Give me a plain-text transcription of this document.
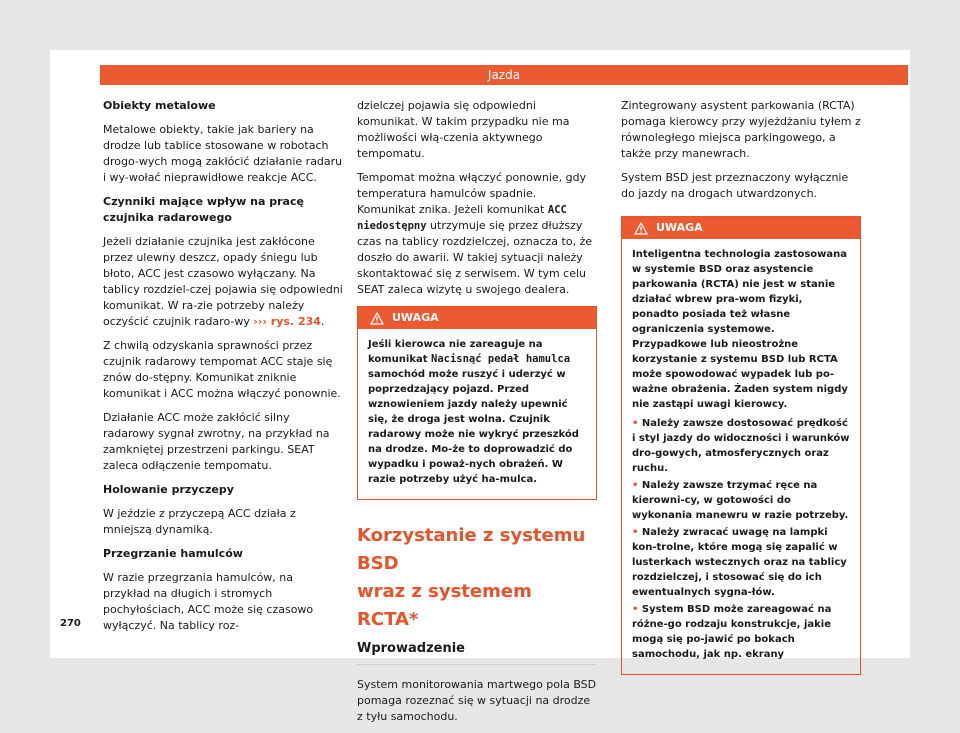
Jazda

Obiekty metalowe

Metalowe obiekty, takie jak bariery na drodze lub tablice stosowane w robotach drogo-wych mogą zakłócić działanie radaru i wy-wołać nieprawidłowe reakcje ACC.

Czynniki mające wpływ na pracę czujnika radarowego

Jeżeli działanie czujnika jest zakłócone przez ulewny deszcz, opady śniegu lub błoto, ACC jest czasowo wyłączany. Na tablicy rozdziel-czej pojawia się odpowiedni komunikat. W ra-zie potrzeby należy oczyścić czujnik radaro-wy ››› rys. 234.

Z chwilą odzyskania sprawności przez czujnik radarowy tempomat ACC staje się znów do-stępny. Komunikat zniknie komunikat i ACC można włączyć ponownie.

Działanie ACC może zakłócić silny radarowy sygnał zwrotny, na przykład na zamkniętej przestrzeni parkingu. SEAT zaleca odłączenie tempomatu.

Holowanie przyczepy

W jeździe z przyczepą ACC działa z mniejszą dynamiką.

Przegrzanie hamulców

W razie przegrzania hamulców, na przykład na długich i stromych pochyłościach, ACC może się czasowo wyłączyć. Na tablicy roz-

dzielczej pojawia się odpowiedni komunikat. W takim przypadku nie ma możliwości włą-czenia aktywnego tempomatu.

Tempomat można włączyć ponownie, gdy temperatura hamulców spadnie. Komunikat znika. Jeżeli komunikat ACC niedostępny utrzymuje się przez dłuższy czas na tablicy rozdzielczej, oznacza to, że doszło do awarii. W takiej sytuacji należy skontaktować się z serwisem. W tym celu SEAT zaleca wizytę u swojego dealera.

UWAGA

Jeśli kierowca nie zareaguje na komunikat Nacisnąć pedał hamulca samochód może ruszyć i uderzyć w poprzedzający pojazd. Przed wznowieniem jazdy należy upewnić się, że droga jest wolna. Czujnik radarowy może nie wykryć przeszkód na drodze. Mo-że to doprowadzić do wypadku i poważ-nych obrażeń. W razie potrzeby użyć ha-mulca.

Korzystanie z systemu BSD
wraz z systemem RCTA*
Wprowadzenie

System monitorowania martwego pola BSD pomaga rozeznać się w sytuacji na drodze z tyłu samochodu.

Zintegrowany asystent parkowania (RCTA) pomaga kierowcy przy wyjeżdżaniu tyłem z równoległego miejsca parkingowego, a także przy manewrach.

System BSD jest przeznaczony wyłącznie do jazdy na drogach utwardzonych.

UWAGA

Inteligentna technologia zastosowana w systemie BSD oraz asystencie parkowania (RCTA) nie jest w stanie działać wbrew pra-wom fizyki, ponadto posiada też własne ograniczenia systemowe. Przypadkowe lub nieostrożne korzystanie z systemu BSD lub RCTA może spowodować wypadek lub po-ważne obrażenia. Żaden system nigdy nie zastąpi uwagi kierowcy.

• Należy zawsze dostosować prędkość i styl jazdy do widoczności i warunków dro-gowych, atmosferycznych oraz ruchu.

• Należy zawsze trzymać ręce na kierowni-cy, w gotowości do wykonania manewru w razie potrzeby.

• Należy zwracać uwagę na lampki kon-trolne, które mogą się zapalić w lusterkach wstecznych oraz na tablicy rozdzielczej, i stosować się do ich ewentualnych sygna-łów.

• System BSD może zareagować na różne-go rodzaju konstrukcje, jakie mogą się po-jawić po bokach samochodu, jak np. ekrany

270
